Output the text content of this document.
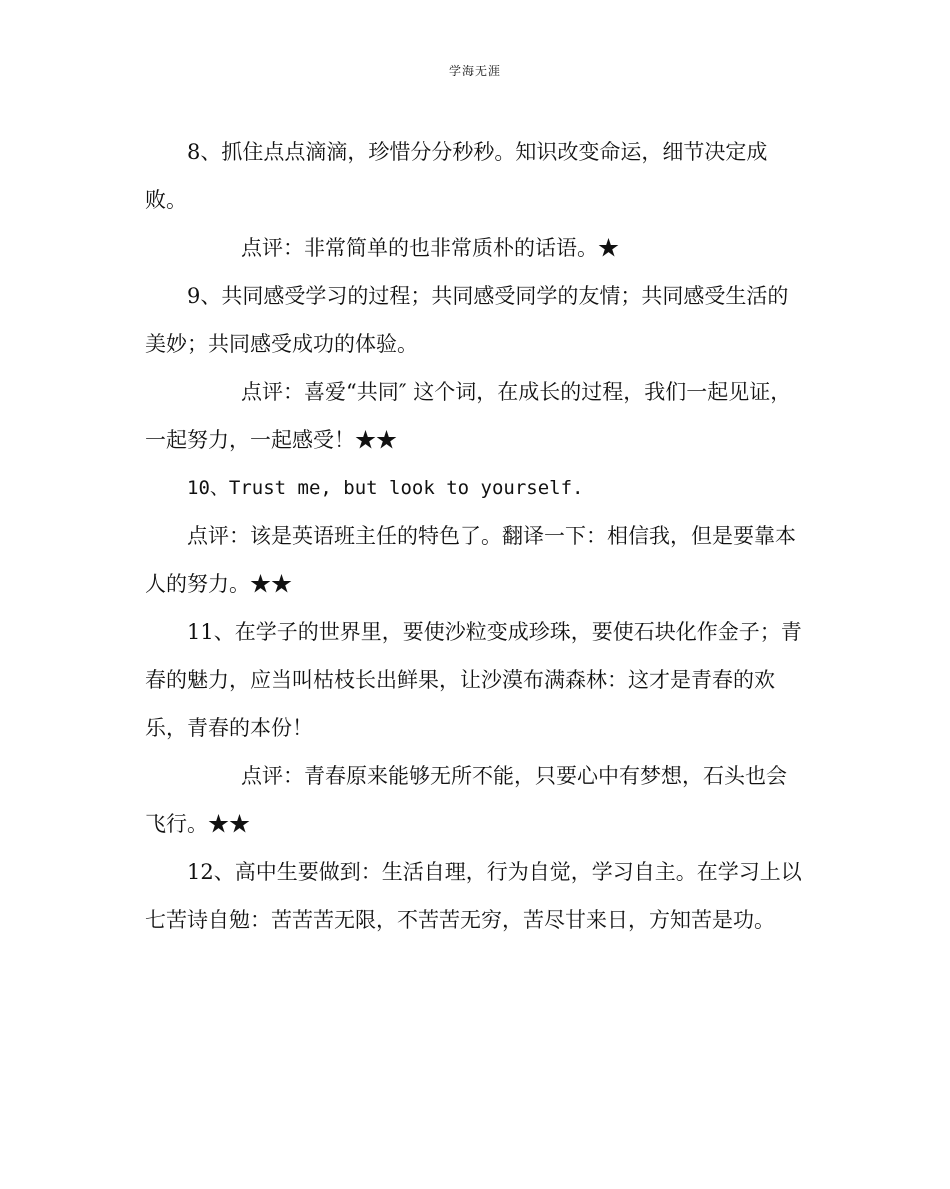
学海无涯

8、抓住点点滴滴，珍惜分分秒秒。知识改变命运，细节决定成败。

点评：非常简单的也非常质朴的话语。★

9、共同感受学习的过程；共同感受同学的友情；共同感受生活的美妙；共同感受成功的体验。

点评：喜爱“共同″ 这个词，在成长的过程，我们一起见证，一起努力，一起感受！★★

10、Trust me, but look to yourself.

点评：该是英语班主任的特色了。翻译一下：相信我，但是要靠本人的努力。★★

11、在学子的世界里，要使沙粒变成珍珠，要使石块化作金子；青春的魅力，应当叫枯枝长出鲜果，让沙漠布满森林：这才是青春的欢乐，青春的本份！

点评：青春原来能够无所不能，只要心中有梦想，石头也会飞行。★★

12、高中生要做到：生活自理，行为自觉，学习自主。在学习上以七苦诗自勉：苦苦苦无限，不苦苦无穷，苦尽甘来日，方知苦是功。
